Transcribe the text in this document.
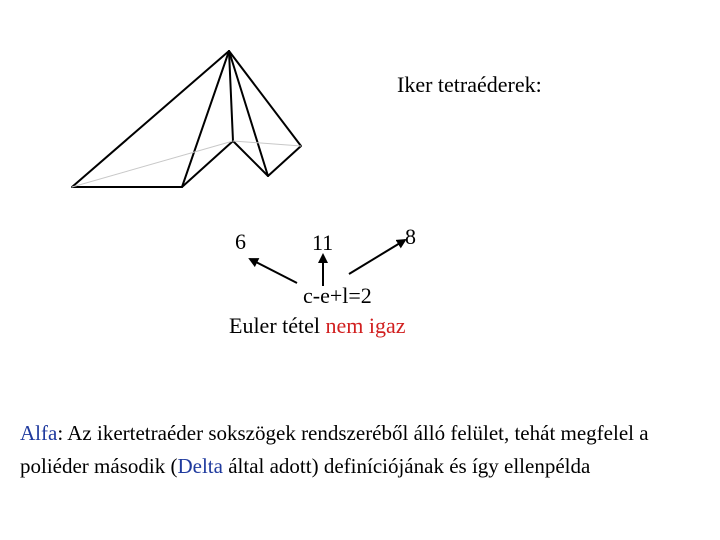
Iker tetraéderek:
6	11	8
c-e+l=2
Euler tétel nem igaz
Alfa: Az ikertetraéder sokszögek rendszeréből álló felület, tehát megfelel a poliéder második (Delta által adott) definíciójának és így ellenpélda
